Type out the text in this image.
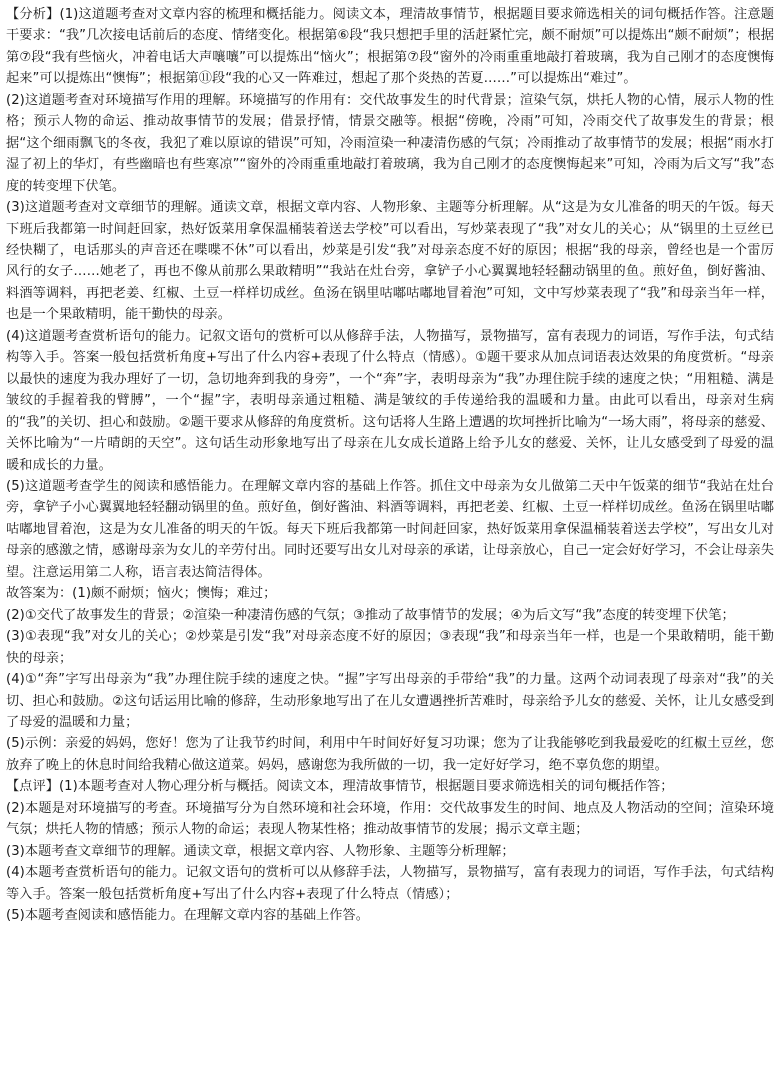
【分析】(1)这道题考查对文章内容的梳理和概括能力。阅读文本，理清故事情节，根据题目要求筛选相关的词句概括作答。注意题干要求：“我”几次接电话前后的态度、情绪变化。根据第⑥段“我只想把手里的活赶紧忙完，颇不耐烦”可以提炼出“颇不耐烦”；根据第⑦段“我有些恼火，冲着电话大声嚷嚷”可以提炼出“恼火”；根据第⑦段“窗外的冷雨重重地敲打着玻璃，我为自己刚才的态度懊悔起来”可以提炼出“懊悔”；根据第⑪段“我的心又一阵难过，想起了那个炎热的苦夏……”可以提炼出“难过”。

(2)这道题考查对环境描写作用的理解。环境描写的作用有：交代故事发生的时代背景；渲染气氛，烘托人物的心情，展示人物的性格；预示人物的命运、推动故事情节的发展；借景抒情，情景交融等。根据“傍晚，冷雨”可知，冷雨交代了故事发生的背景；根据“这个细雨飘飞的冬夜，我犯了难以原谅的错误”可知，冷雨渲染一种凄清伤感的气氛；冷雨推动了故事情节的发展；根据“雨水打湿了初上的华灯，有些幽暗也有些寒凉”“窗外的冷雨重重地敲打着玻璃，我为自己刚才的态度懊悔起来”可知，冷雨为后文写“我”态度的转变埋下伏笔。

(3)这道题考查对文章细节的理解。通读文章，根据文章内容、人物形象、主题等分析理解。从“这是为女儿准备的明天的午饭。每天下班后我都第一时间赶回家，热好饭菜用拿保温桶装着送去学校”可以看出，写炒菜表现了“我”对女儿的关心；从“锅里的土豆丝已经快糊了，电话那头的声音还在喋喋不休”可以看出，炒菜是引发“我”对母亲态度不好的原因；根据“我的母亲，曾经也是一个雷厉风行的女子……她老了，再也不像从前那么果敢精明”“我站在灶台旁，拿铲子小心翼翼地轻轻翻动锅里的鱼。煎好鱼，倒好酱油、料酒等调料，再把老姜、红椒、土豆一样样切成丝。鱼汤在锅里咕嘟咕嘟地冒着泡”可知，文中写炒菜表现了“我”和母亲当年一样，也是一个果敢精明，能干勤快的母亲。

(4)这道题考查赏析语句的能力。记叙文语句的赏析可以从修辞手法，人物描写，景物描写，富有表现力的词语，写作手法，句式结构等入手。答案一般包括赏析角度+写出了什么内容+表现了什么特点（情感）。①题干要求从加点词语表达效果的角度赏析。“母亲以最快的速度为我办理好了一切，急切地奔到我的身旁”，一个“奔”字，表明母亲为“我”办理住院手续的速度之快；“用粗糙、满是皱纹的手握着我的臂膊”，一个“握”字，表明母亲通过粗糙、满是皱纹的手传递给我的温暖和力量。由此可以看出，母亲对生病的“我”的关切、担心和鼓励。②题干要求从修辞的角度赏析。这句话将人生路上遭遇的坎坷挫折比喻为“一场大雨”，将母亲的慈爱、关怀比喻为“一片晴朗的天空”。这句话生动形象地写出了母亲在儿女成长道路上给予儿女的慈爱、关怀，让儿女感受到了母爱的温暖和成长的力量。

(5)这道题考查学生的阅读和感悟能力。在理解文章内容的基础上作答。抓住文中母亲为女儿做第二天中午饭菜的细节“我站在灶台旁，拿铲子小心翼翼地轻轻翻动锅里的鱼。煎好鱼，倒好酱油、料酒等调料，再把老姜、红椒、土豆一样样切成丝。鱼汤在锅里咕嘟咕嘟地冒着泡，这是为女儿准备的明天的午饭。每天下班后我都第一时间赶回家，热好饭菜用拿保温桶装着送去学校”，写出女儿对母亲的感激之情，感谢母亲为女儿的辛劳付出。同时还要写出女儿对母亲的承诺，让母亲放心，自己一定会好好学习，不会让母亲失望。注意运用第二人称，语言表达简洁得体。

故答案为：(1)颇不耐烦；恼火；懊悔；难过；

(2)①交代了故事发生的背景；②渲染一种凄清伤感的气氛；③推动了故事情节的发展；④为后文写“我”态度的转变埋下伏笔；

(3)①表现“我”对女儿的关心；②炒菜是引发“我”对母亲态度不好的原因；③表现“我”和母亲当年一样，也是一个果敢精明，能干勤快的母亲；

(4)①“奔”字写出母亲为“我”办理住院手续的速度之快。“握”字写出母亲的手带给“我”的力量。这两个动词表现了母亲对“我”的关切、担心和鼓励。②这句话运用比喻的修辞，生动形象地写出了在儿女遭遇挫折苦难时，母亲给予儿女的慈爱、关怀，让儿女感受到了母爱的温暖和力量；

(5)示例：亲爱的妈妈，您好！您为了让我节约时间，利用中午时间好好复习功课；您为了让我能够吃到我最爱吃的红椒土豆丝，您放弃了晚上的休息时间给我精心做这道菜。妈妈，感谢您为我所做的一切，我一定好好学习，绝不辜负您的期望。

【点评】(1)本题考查对人物心理分析与概括。阅读文本，理清故事情节，根据题目要求筛选相关的词句概括作答；

(2)本题是对环境描写的考查。环境描写分为自然环境和社会环境，作用：交代故事发生的时间、地点及人物活动的空间；渲染环境气氛；烘托人物的情感；预示人物的命运；表现人物某性格；推动故事情节的发展；揭示文章主题；

(3)本题考查文章细节的理解。通读文章，根据文章内容、人物形象、主题等分析理解；

(4)本题考查赏析语句的能力。记叙文语句的赏析可以从修辞手法，人物描写，景物描写，富有表现力的词语，写作手法，句式结构等入手。答案一般包括赏析角度+写出了什么内容+表现了什么特点（情感）；

(5)本题考查阅读和感悟能力。在理解文章内容的基础上作答。
